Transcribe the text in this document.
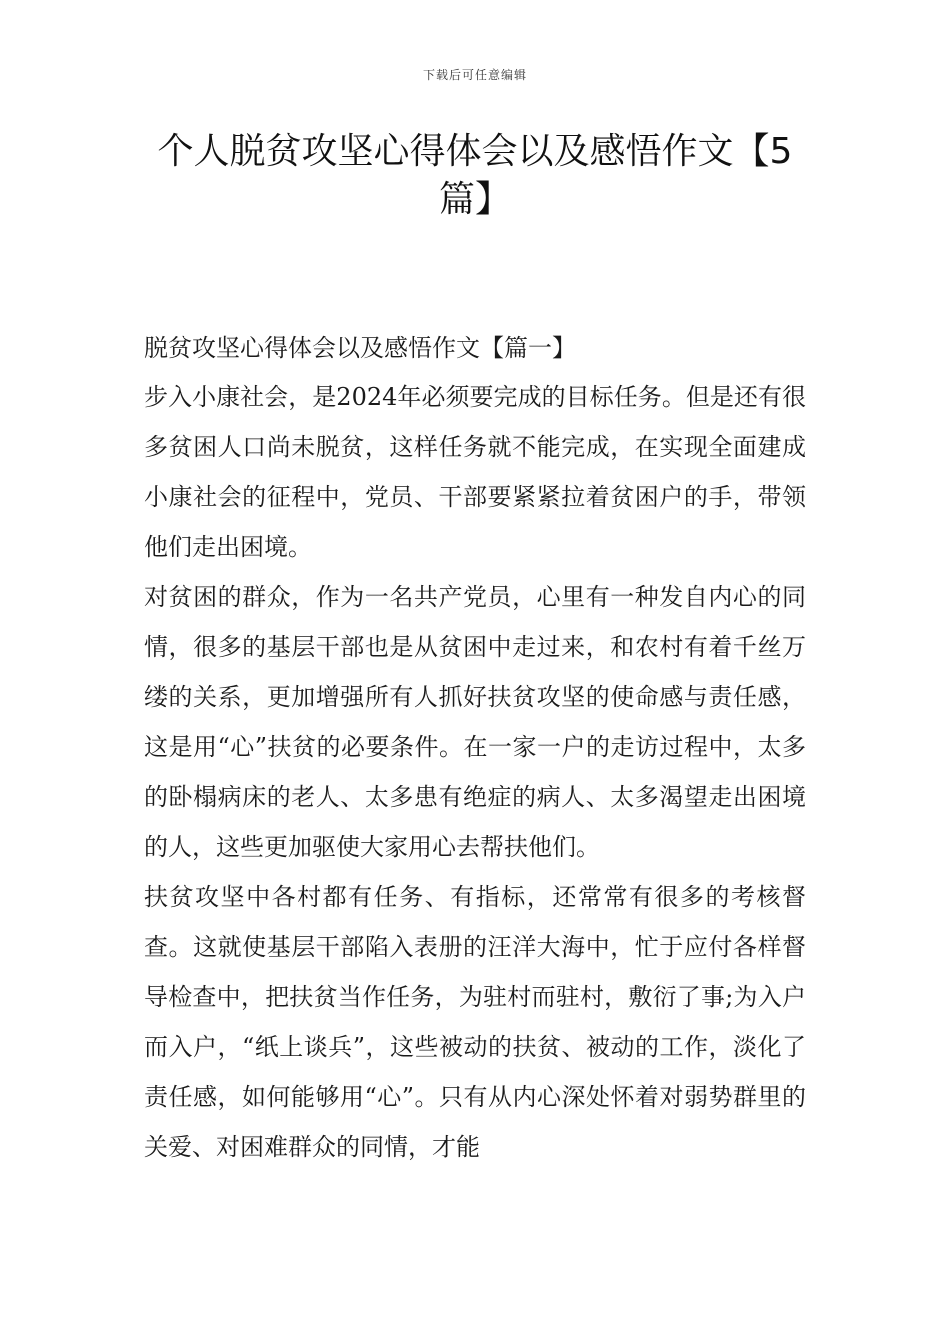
下载后可任意编辑
个人脱贫攻坚心得体会以及感悟作文【5篇】

脱贫攻坚心得体会以及感悟作文【篇一】

步入小康社会，是2024年必须要完成的目标任务。但是还有很多贫困人口尚未脱贫，这样任务就不能完成，在实现全面建成小康社会的征程中，党员、干部要紧紧拉着贫困户的手，带领他们走出困境。

对贫困的群众，作为一名共产党员，心里有一种发自内心的同情，很多的基层干部也是从贫困中走过来，和农村有着千丝万缕的关系，更加增强所有人抓好扶贫攻坚的使命感与责任感，这是用“心”扶贫的必要条件。在一家一户的走访过程中，太多的卧榻病床的老人、太多患有绝症的病人、太多渴望走出困境的人，这些更加驱使大家用心去帮扶他们。

扶贫攻坚中各村都有任务、有指标，还常常有很多的考核督查。这就使基层干部陷入表册的汪洋大海中，忙于应付各样督导检查中，把扶贫当作任务，为驻村而驻村，敷衍了事;为入户而入户，“纸上谈兵”，这些被动的扶贫、被动的工作，淡化了责任感，如何能够用“心”。只有从内心深处怀着对弱势群里的关爱、对困难群众的同情，才能
